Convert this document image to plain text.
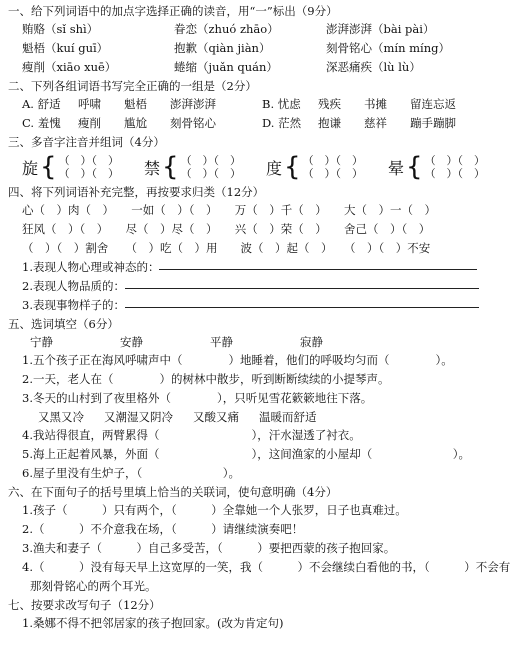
一、给下列词语中的加点字选择正确的读音，用“一”标出（9分）

贿赂（sǐ shì）	眷恋（zhuó zhāo）	澎湃澎湃（bài pài）
魁梧（kuí guī）	抱歉（qiàn jiàn）	刻骨铭心（mín míng）
瘦削（xiāo xuē）	蜷缩（juǎn quán）	深恶痛疾（lù lù）

二、下列各组词语书写完全正确的一组是（2分）

A. 舒适	呼啸	魁梧	澎湃澎湃	B. 忧虑	残疾	书摊	留连忘返
C. 羞愧	瘦削	尴尬	刻骨铭心	D. 茫然	抱谦	慈祥	蹦手蹦脚

三、多音字注音并组词（4分）

旋 { （　）（　）
（　）（　） 禁 { （　）（　）
（　）（　） 度 { （　）（　）
（　）（　） 晕 { （　）（　）
（　）（　）

四、将下列词语补充完整，再按要求归类（12分）

心（　）肉（　）　　一如（　）（　）　　万（　）千（　）　　大（　）一（　）
狂风（　）（　）　　尽（　）尽（　）　　兴（　）荣（　）　　舍己（　）（　）
（　）（　）割舍　　（　）吃（　）用　　波（　）起（　）　　（　）（　）不安
1.表现人物心理或神态的：
2.表现人物品质的：
3.表现事物样子的：

五、选词填空（6分）

宁静	安静	平静	寂静
1.五个孩子正在海风呼啸声中（　　　　）地睡着，他们的呼吸均匀而（　　　　）。
2.一天，老人在（　　　　）的树林中散步，听到断断续续的小提琴声。
3.冬天的山村到了夜里格外（　　　　），只听见雪花簌簌地往下落。
又黑又冷 又潮湿又阴冷 又酸又痛 温暖而舒适
4.我站得很直，两臂累得（　　　　　　　　），汗水湿透了衬衣。
5.海上正起着风暴，外面（　　　　　　　　），这间渔家的小屋却（　　　　　　　）。
6.屋子里没有生炉子，（　　　　　　　）。

六、在下面句子的括号里填上恰当的关联词，使句意明确（4分）

1.孩子（　　　）只有两个，（　　　）全靠她一个人张罗，日子也真难过。
2.（　　　）不介意我在场，（　　　）请继续演奏吧！
3.渔夫和妻子（　　　）自己多受苦，（　　　）要把西蒙的孩子抱回家。
4.（　　　）没有每天早上这宽厚的一笑，我（　　　）不会继续白看他的书，（　　　）不会有
那刻骨铭心的两个耳光。

七、按要求改写句子（12分）

1.桑娜不得不把邻居家的孩子抱回家。(改为肯定句)
